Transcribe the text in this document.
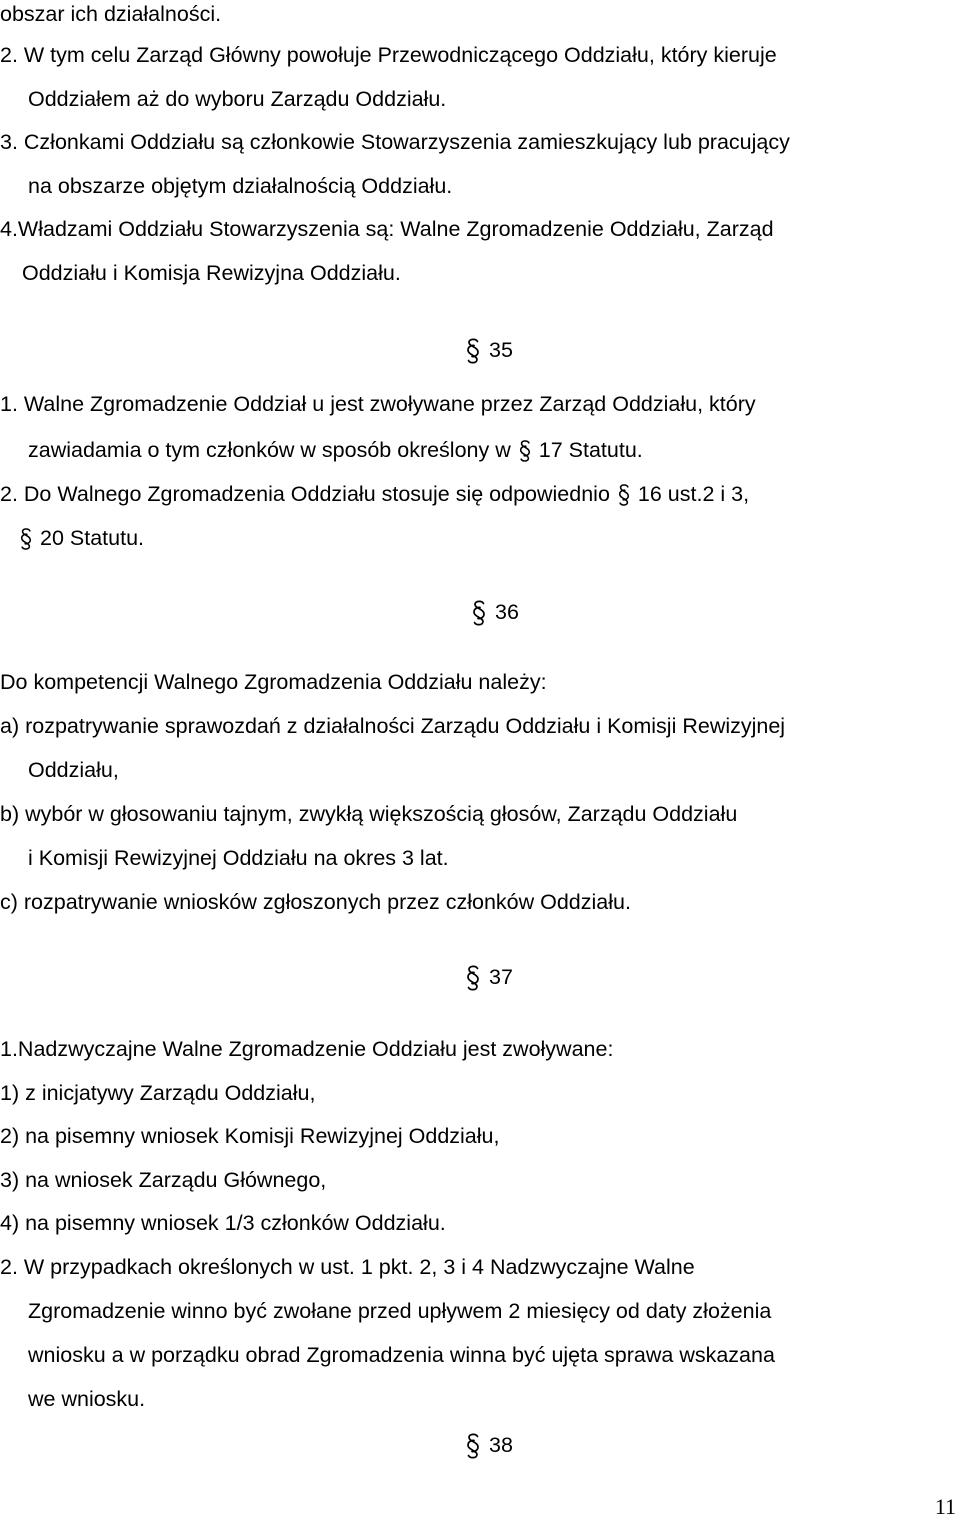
obszar ich działalności.
2. W tym celu Zarząd Główny powołuje Przewodniczącego Oddziału, który kieruje
Oddziałem aż do wyboru Zarządu Oddziału.
3. Członkami Oddziału są członkowie Stowarzyszenia zamieszkujący lub pracujący
na obszarze objętym działalnością Oddziału.
4.Władzami Oddziału Stowarzyszenia są: Walne Zgromadzenie Oddziału, Zarząd
Oddziału i Komisja Rewizyjna Oddziału.
35
1. Walne Zgromadzenie Oddział u jest zwoływane przez Zarząd Oddziału, który
zawiadamia o tym członków w sposób określony w 17 Statutu.
2. Do Walnego Zgromadzenia Oddziału stosuje się odpowiednio 16 ust.2 i 3,
20 Statutu.
36
Do kompetencji Walnego Zgromadzenia Oddziału należy:
a) rozpatrywanie sprawozdań z działalności Zarządu Oddziału i Komisji Rewizyjnej
Oddziału,
b) wybór w głosowaniu tajnym, zwykłą większością głosów, Zarządu Oddziału
i Komisji Rewizyjnej Oddziału na okres 3 lat.
c) rozpatrywanie wniosków zgłoszonych przez członków Oddziału.
37
1.Nadzwyczajne Walne Zgromadzenie Oddziału jest zwoływane:
1) z inicjatywy Zarządu Oddziału,
2) na pisemny wniosek Komisji Rewizyjnej Oddziału,
3) na wniosek Zarządu Głównego,
4) na pisemny wniosek 1/3 członków Oddziału.
2. W przypadkach określonych w ust. 1 pkt. 2, 3 i 4 Nadzwyczajne Walne
Zgromadzenie winno być zwołane przed upływem 2 miesięcy od daty złożenia
wniosku a w porządku obrad Zgromadzenia winna być ujęta sprawa wskazana
we wniosku.
38
11
